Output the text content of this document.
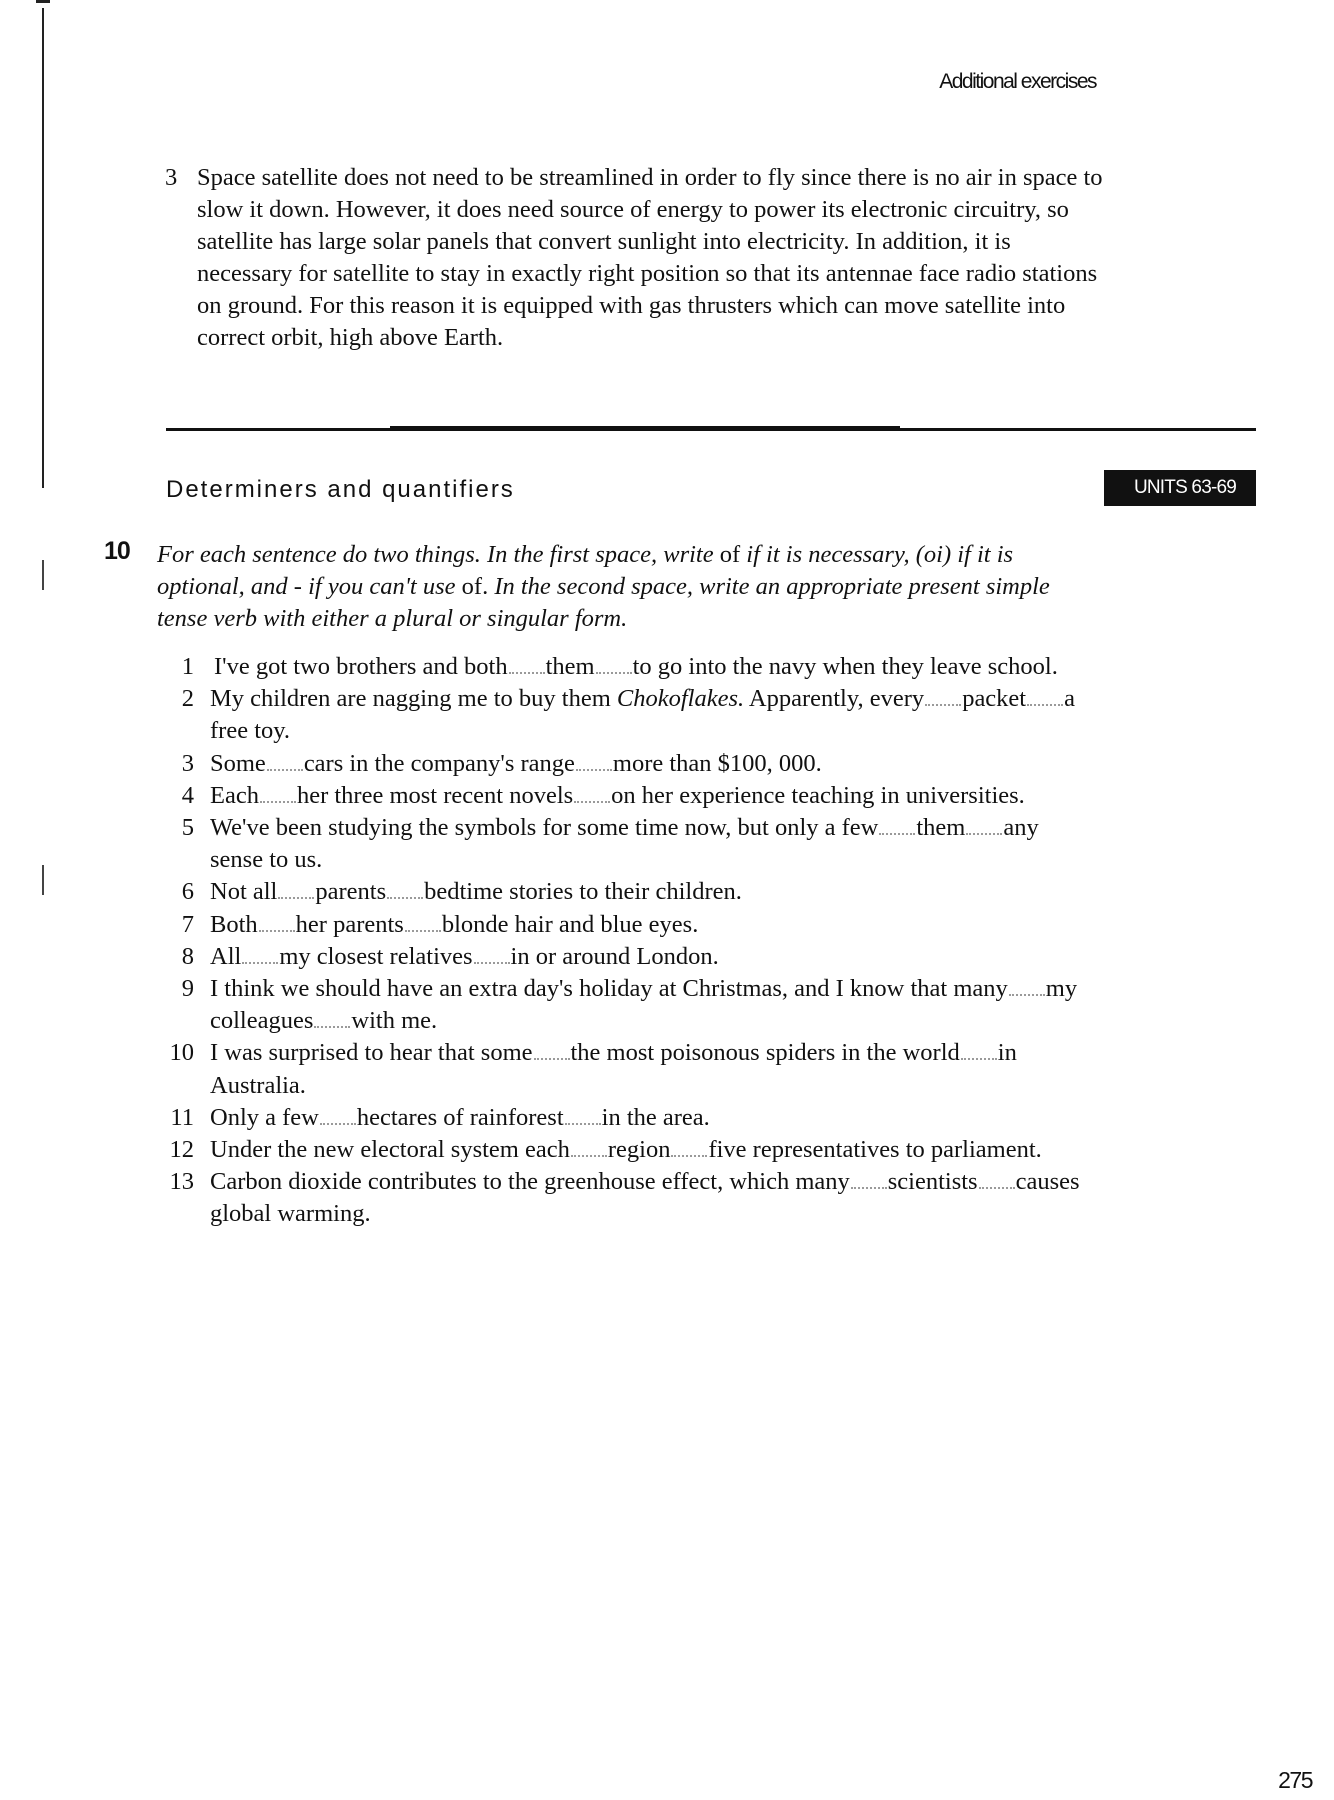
Additional exercises
3 Space satellite does not need to be streamlined in order to fly since there is no air in space to
slow it down. However, it does need source of energy to power its electronic circuitry, so
satellite has large solar panels that convert sunlight into electricity. In addition, it is
necessary for satellite to stay in exactly right position so that its antennae face radio stations
on ground. For this reason it is equipped with gas thrusters which can move satellite into
correct orbit, high above Earth.
Determiners and quantifiers	UNITS 63-69
10 For each sentence do two things. In the first space, write of if it is necessary, (oi) if it is
optional, and - if you can't use of. In the second space, write an appropriate present simple
tense verb with either a plural or singular form.
1 I've got two brothers and both them to go into the navy when they leave school.
2 My children are nagging me to buy them Chokoflakes. Apparently, every packet a
free toy.
3 Some cars in the company's range more than $100, 000.
4 Each her three most recent novels on her experience teaching in universities.
5 We've been studying the symbols for some time now, but only a few them any
sense to us.
6 Not all parents bedtime stories to their children.
7 Both her parents blonde hair and blue eyes.
8 All my closest relatives in or around London.
9 I think we should have an extra day's holiday at Christmas, and I know that many my
colleagues with me.
10 I was surprised to hear that some the most poisonous spiders in the world in
Australia.
11 Only a few hectares of rainforest in the area.
12 Under the new electoral system each region five representatives to parliament.
13 Carbon dioxide contributes to the greenhouse effect, which many scientists causes
global warming.
275
